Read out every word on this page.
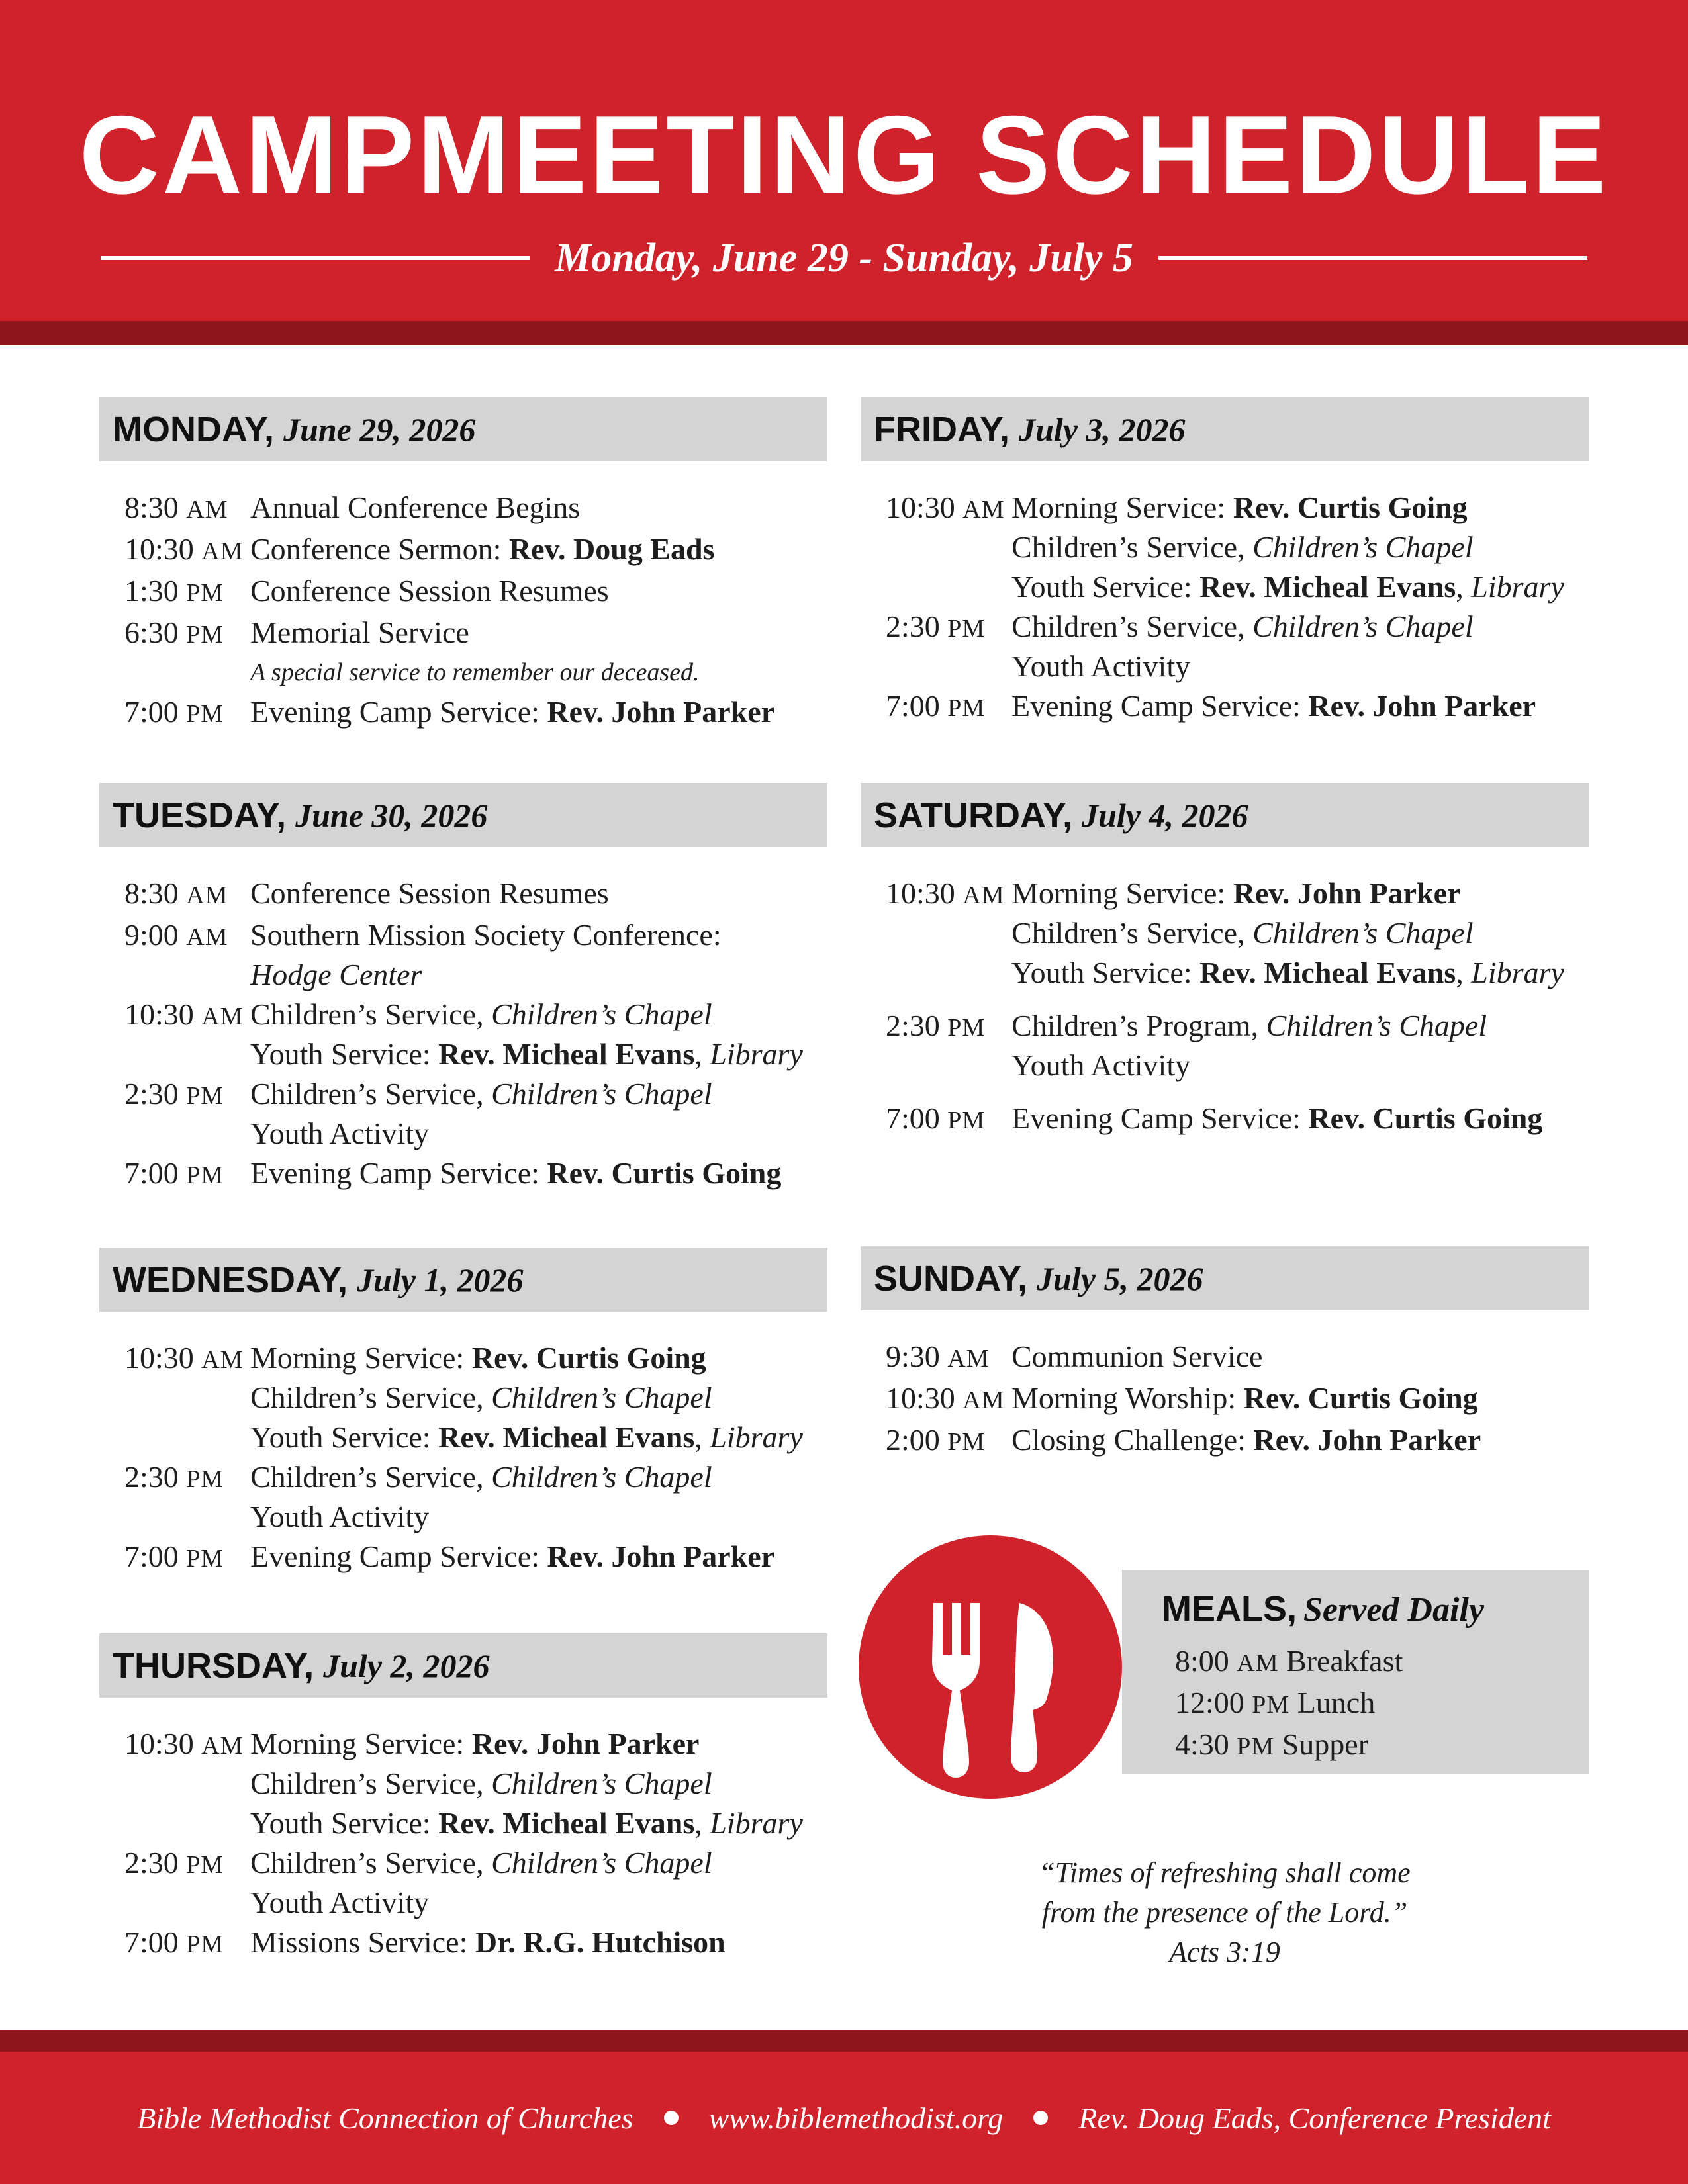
CAMPMEETING SCHEDULE
Monday, June 29 - Sunday, July 5
MONDAY, June 29, 2026
8:30 AM Annual Conference Begins
10:30 AM Conference Sermon: Rev. Doug Eads
1:30 PM Conference Session Resumes
6:30 PM Memorial Service
A special service to remember our deceased.
7:00 PM Evening Camp Service: Rev. John Parker
TUESDAY, June 30, 2026
8:30 AM Conference Session Resumes
9:00 AM Southern Mission Society Conference:
Hodge Center
10:30 AM Children’s Service, Children’s Chapel
Youth Service: Rev. Micheal Evans, Library
2:30 PM Children’s Service, Children’s Chapel
Youth Activity
7:00 PM Evening Camp Service: Rev. Curtis Going
WEDNESDAY, July 1, 2026
10:30 AM Morning Service: Rev. Curtis Going
Children’s Service, Children’s Chapel
Youth Service: Rev. Micheal Evans, Library
2:30 PM Children’s Service, Children’s Chapel
Youth Activity
7:00 PM Evening Camp Service: Rev. John Parker
THURSDAY, July 2, 2026
10:30 AM Morning Service: Rev. John Parker
Children’s Service, Children’s Chapel
Youth Service: Rev. Micheal Evans, Library
2:30 PM Children’s Service, Children’s Chapel
Youth Activity
7:00 PM Missions Service: Dr. R.G. Hutchison
FRIDAY, July 3, 2026
10:30 AM Morning Service: Rev. Curtis Going
Children’s Service, Children’s Chapel
Youth Service: Rev. Micheal Evans, Library
2:30 PM Children’s Service, Children’s Chapel
Youth Activity
7:00 PM Evening Camp Service: Rev. John Parker
SATURDAY, July 4, 2026
10:30 AM Morning Service: Rev. John Parker
Children’s Service, Children’s Chapel
Youth Service: Rev. Micheal Evans, Library
2:30 PM Children’s Program, Children’s Chapel
Youth Activity
7:00 PM Evening Camp Service: Rev. Curtis Going
SUNDAY, July 5, 2026
9:30 AM Communion Service
10:30 AM Morning Worship: Rev. Curtis Going
2:00 PM Closing Challenge: Rev. John Parker
MEALS, Served Daily
8:00 AM Breakfast
12:00 PM Lunch
4:30 PM Supper
“Times of refreshing shall come
from the presence of the Lord.”
Acts 3:19
Bible Methodist Connection of Churches www.biblemethodist.org Rev. Doug Eads, Conference President
